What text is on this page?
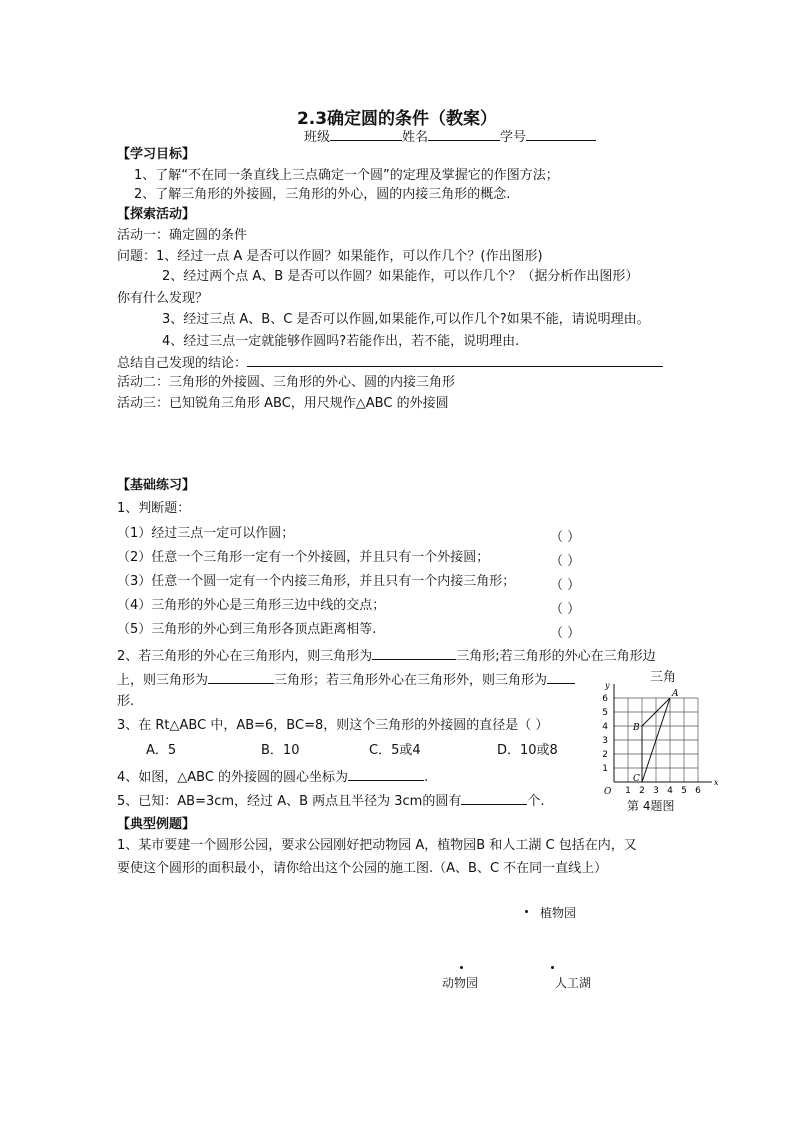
2.3确定圆的条件（教案）
班级	姓名	学号
【学习目标】
1、了解“不在同一条直线上三点确定一个圆”的定理及掌握它的作图方法；
2、了解三角形的外接圆，三角形的外心，圆的内接三角形的概念.
【探索活动】
活动一：确定圆的条件
问题：1、经过一点 A 是否可以作圆？如果能作，可以作几个？(作出图形)
2、经过两个点 A、B 是否可以作圆？如果能作，可以作几个？（据分析作出图形）
你有什么发现？
3、经过三点 A、B、C 是否可以作圆,如果能作,可以作几个?如果不能，请说明理由。
4、经过三点一定就能够作圆吗?若能作出，若不能，说明理由.
总结自己发现的结论：
活动二：三角形的外接圆、三角形的外心、圆的内接三角形
活动三：已知锐角三角形 ABC，用尺规作△ABC 的外接圆
【基础练习】
1、判断题：
（1）经过三点一定可以作圆；	（ ）
（2）任意一个三角形一定有一个外接圆，并且只有一个外接圆；	（ ）
（3）任意一个圆一定有一个内接三角形，并且只有一个内接三角形；	（ ）
（4）三角形的外心是三角形三边中线的交点；	（ ）
（5）三角形的外心到三角形各顶点距离相等.	（ ）
2、若三角形的外心在三角形内，则三角形为	三角形;若三角形的外心在三角形边
上，则三角形为	三角形；若三角形外心在三角形外，则三角形为	三角
形.
3、在 Rt△ABC 中，AB=6，BC=8，则这个三角形的外接圆的直径是（ ）
A．5	B．10	C．5或4	D．10或8
4、如图，△ABC 的外接圆的圆心坐标为	.
5、已知：AB=3cm，经过 A、B 两点且半径为 3cm的圆有	个.
1 2 3 4 5 6
1
2
3
4
5
6
x
y
O
A
B
C
第 4题图
【典型例题】
1、某市要建一个圆形公园，要求公园刚好把动物园 A，植物园B 和人工湖 C 包括在内，又
要使这个圆形的面积最小，请你给出这个公园的施工图.（A、B、C 不在同一直线上）
植物园
动物园	人工湖
